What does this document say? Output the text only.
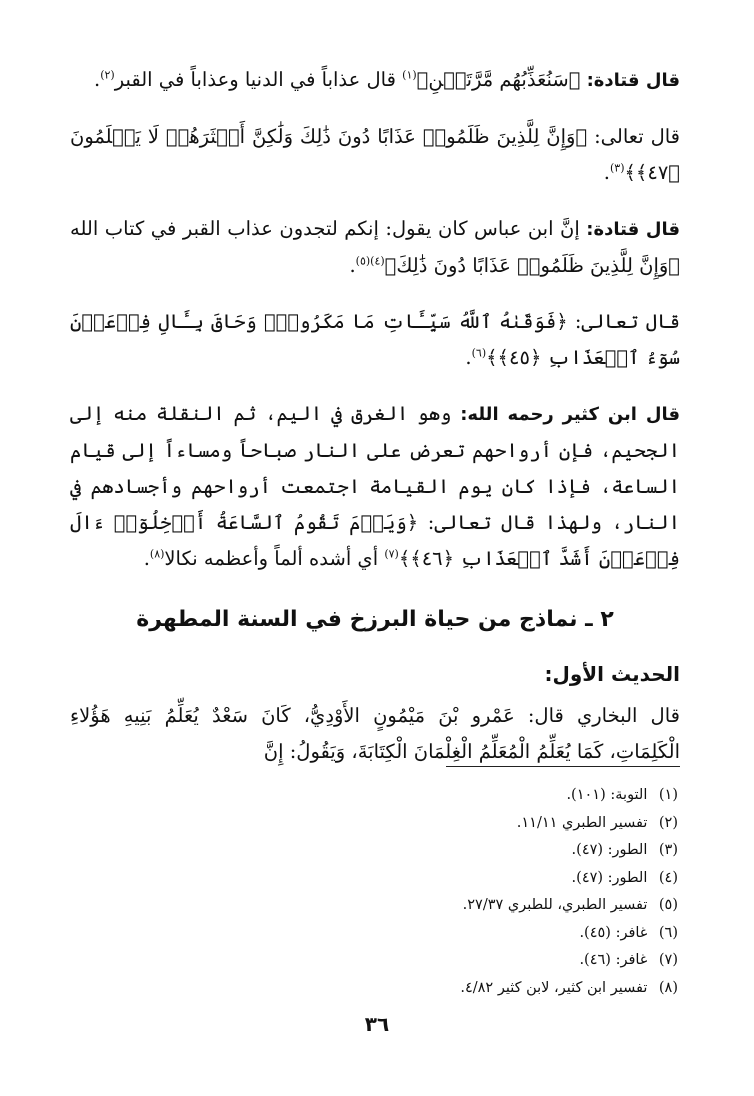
قال قتادة: ﴿سَنُعَذِّبُهُم مَّرَّتَيۡنِ﴾$^{(١)}$ قال عذاباً في الدنيا وعذاباً في القبر$^{(٢)}$.

قال تعالى: ﴿وَإِنَّ لِلَّذِينَ ظَلَمُوا۟ عَذَابًا دُونَ ذَٰلِكَ وَلَٰكِنَّ أَكۡثَرَهُمۡ لَا يَعۡلَمُونَ ﴿٤٧﴾﴾$^{(٣)}$.

قال قتادة: إنَّ ابن عباس كان يقول: إنكم لتجدون عذاب القبر في كتاب الله ﴿وَإِنَّ لِلَّذِينَ ظَلَمُوا۟ عَذَابًا دُونَ ذَٰلِكَ﴾$^{(٤)(٥)}$.

قال تعالى: ﴿فَوَقَىٰهُ ٱللَّهُ سَيِّـَٔاتِ مَا مَكَرُوا۟ۖ وَحَاقَ بِـَٔالِ فِرۡعَوۡنَ سُوٓءُ ٱلۡعَذَابِ ﴿٤٥﴾﴾$^{(٦)}$.

قال ابن كثير رحمه الله: وهو الغرق في اليم، ثم النقلة منه إلى الجحيم، فإن أرواحهم تعرض على النار صباحاً ومساءاً إلى قيام الساعة، فإذا كان يوم القيامة اجتمعت أرواحهم وأجسادهم في النار، ولهذا قال تعالى: ﴿وَيَوۡمَ تَقُومُ ٱلسَّاعَةُ أَدۡخِلُوٓا۟ ءَالَ فِرۡعَوۡنَ أَشَدَّ ٱلۡعَذَابِ ﴿٤٦﴾﴾$^{(٧)}$ أي أشده ألماً وأعظمه نكالا$^{(٨)}$.

٢ ـ نماذج من حياة البرزخ في السنة المطهرة
الحديث الأول:

قال البخاري قال: عَمْرو بْنَ مَيْمُونٍ الأَوْدِيُّ، كَانَ سَعْدٌ يُعَلِّمُ بَنِيهِ هَؤُلاءِ الْكَلِمَاتِ، كَمَا يُعَلِّمُ الْمُعَلِّمُ الْغِلْمَانَ الْكِتَابَةَ، وَيَقُولُ: إِنَّ

(١) التوبة: (١٠١).
(٢) تفسير الطبري ١١/١١.
(٣) الطور: (٤٧).
(٤) الطور: (٤٧).
(٥) تفسير الطبري، للطبري ٢٧/٣٧.
(٦) غافر: (٤٥).
(٧) غافر: (٤٦).
(٨) تفسير ابن كثير، لابن كثير ٤/٨٢.
٣٦
